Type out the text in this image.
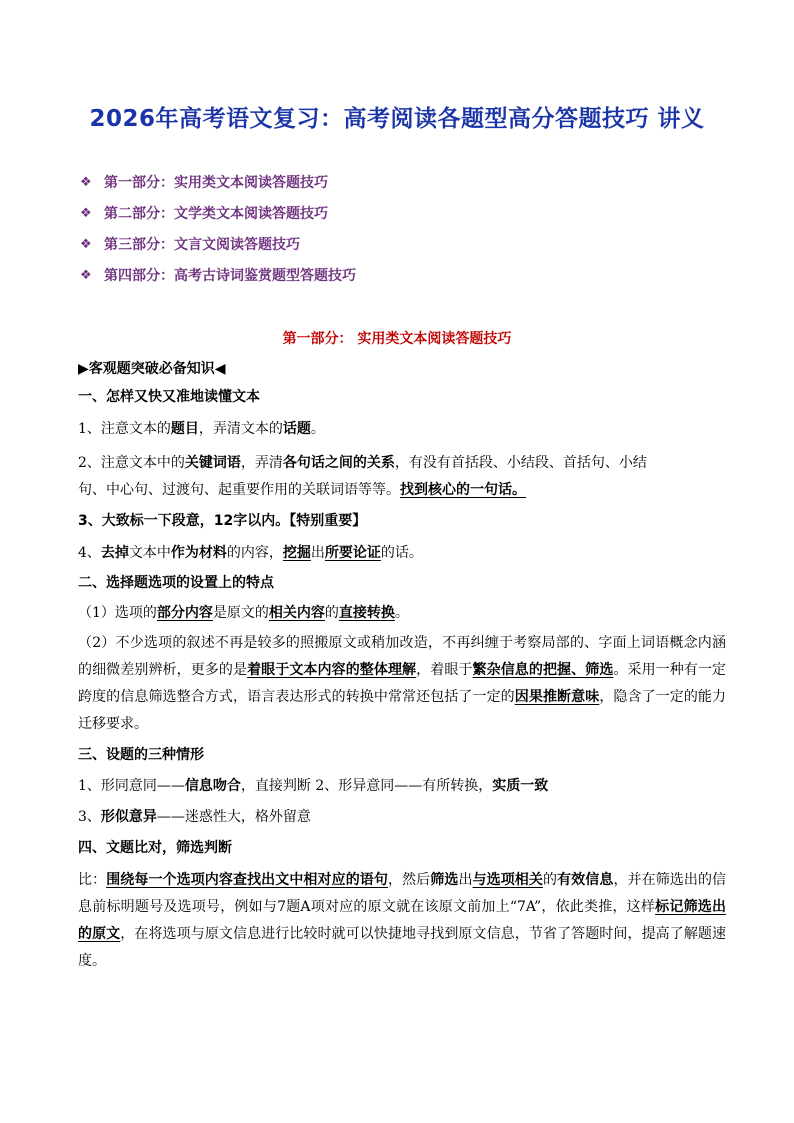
2026年高考语文复习：高考阅读各题型高分答题技巧 讲义
❖ 第一部分：实用类文本阅读答题技巧
❖ 第二部分：文学类文本阅读答题技巧
❖ 第三部分：文言文阅读答题技巧
❖ 第四部分：高考古诗词鉴赏题型答题技巧
第一部分： 实用类文本阅读答题技巧
▶︎客观题突破必备知识◀︎
一、怎样又快又准地读懂文本
1、注意文本的题目，弄清文本的话题。
2、注意文本中的关键词语，弄清各句话之间的关系，有没有首括段、小结段、首括句、小结
句、中心句、过渡句、起重要作用的关联词语等等。找到核心的一句话。
3、大致标一下段意，12字以内。【特别重要】
4、去掉文本中作为材料的内容，挖掘出所要论证的话。
二、选择题选项的设置上的特点
（1）选项的部分内容是原文的相关内容的直接转换。
（2）不少选项的叙述不再是较多的照搬原文或稍加改造，不再纠缠于考察局部的、字面上词语概念内涵的细微差别辨析，更多的是着眼于文本内容的整体理解，着眼于繁杂信息的把握、筛选。采用一种有一定跨度的信息筛选整合方式，语言表达形式的转换中常常还包括了一定的因果推断意味，隐含了一定的能力迁移要求。
三、设题的三种情形
1、形同意同——信息吻合，直接判断 2、形异意同——有所转换，实质一致
3、形似意异——迷惑性大，格外留意
四、文题比对，筛选判断
比：围绕每一个选项内容查找出文中相对应的语句，然后筛选出与选项相关的有效信息，并在筛选出的信息前标明题号及选项号，例如与7题A项对应的原文就在该原文前加上“7A”，依此类推，这样标记筛选出的原文，在将选项与原文信息进行比较时就可以快捷地寻找到原文信息，节省了答题时间，提高了解题速度。
